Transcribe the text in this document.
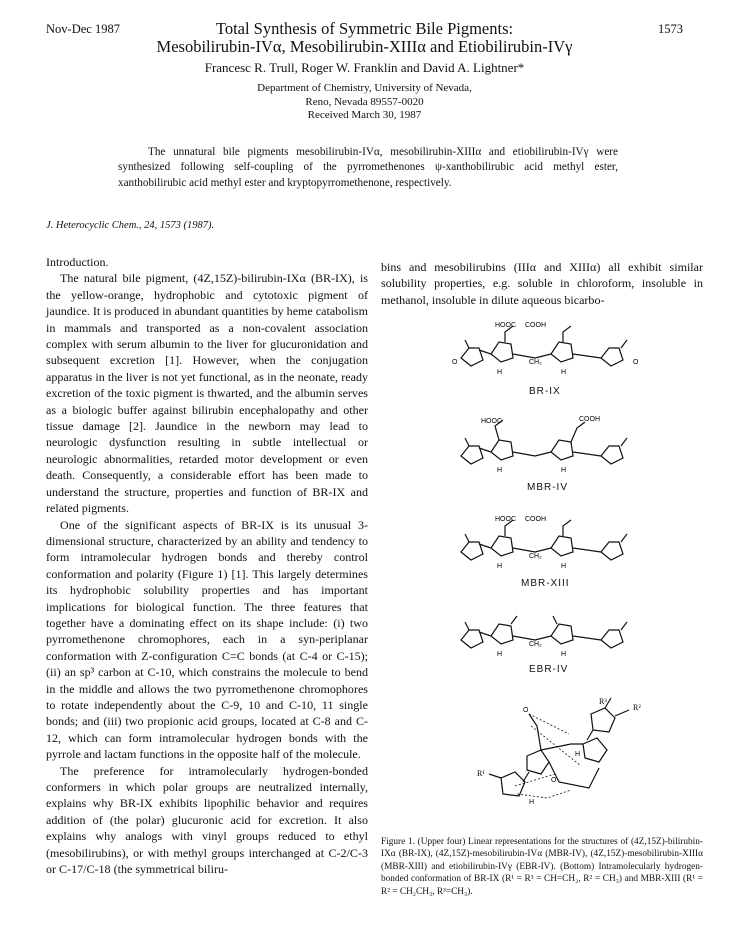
Nov-Dec 1987	1573
Total Synthesis of Symmetric Bile Pigments:
Mesobilirubin-IVα, Mesobilirubin-XIIIα and Etiobilirubin-IVγ
Francesc R. Trull, Roger W. Franklin and David A. Lightner*
Department of Chemistry, University of Nevada,
Reno, Nevada 89557-0020
Received March 30, 1987
The unnatural bile pigments mesobilirubin-IVα, mesobilirubin-XIIIα and etiobilirubin-IVγ were synthesized following self-coupling of the pyrromethenones ψ-xanthobilirubic acid methyl ester, xanthobilirubic acid methyl ester and kryptopyrromethenone, respectively.
J. Heterocyclic Chem., 24, 1573 (1987).

Introduction.

The natural bile pigment, (4Z,15Z)-bilirubin-IXα (BR-IX), is the yellow-orange, hydrophobic and cytotoxic pigment of jaundice. It is produced in abundant quantities by heme catabolism in mammals and transported as a non-covalent association complex with serum albumin to the liver for glucuronidation and subsequent excretion [1]. However, when the conjugation apparatus in the liver is not yet functional, as in the neonate, ready excretion of the toxic pigment is thwarted, and the albumin serves as a biologic buffer against bilirubin encephalopathy and other tissue damage [2]. Jaundice in the newborn may lead to neurologic dysfunction resulting in subtle intellectual or neurologic abnormalities, retarded motor development or even death. Consequently, a considerable effort has been made to understand the structure, properties and function of BR-IX and related pigments.

One of the significant aspects of BR-IX is its unusual 3-dimensional structure, characterized by an ability and tendency to form intramolecular hydrogen bonds and thereby control conformation and polarity (Figure 1) [1]. This largely determines its hydrophobic solubility properties and has important implications for biological function. The three features that together have a dominating effect on its shape include: (i) two pyrromethenone chromophores, each in a syn-periplanar conformation with Z-configuration C=C bonds (at C-4 or C-15); (ii) an sp³ carbon at C-10, which constrains the molecule to bend in the middle and allows the two pyrromethenone chromophores to rotate independently about the C-9, 10 and C-10, 11 single bonds; and (iii) two propionic acid groups, located at C-8 and C-12, which can form intramolecular hydrogen bonds with the pyrrole and lactam functions in the opposite half of the molecule.

The preference for intramolecularly hydrogen-bonded conformers in which polar groups are neutralized internally, explains why BR-IX exhibits lipophilic behavior and requires addition of (the polar) glucuronic acid for excretion. It also explains why analogs with vinyl groups reduced to ethyl (mesobilirubins), or with methyl groups interchanged at C-2/C-3 or C-17/C-18 (the symmetrical biliru-

bins and mesobilirubins (IIIα and XIIIα) all exhibit similar solubility properties, e.g. soluble in chloroform, insoluble in methanol, insoluble in dilute aqueous bicarbo-

HOOC COOH
CH₂
O	O
H	H
BR-IX
HOOC	COOH
H	H
MBR-IV
HOOC COOH
CH₂
H	H
MBR-XIII
CH₂
H	H
EBR-IV
R³
R²
R¹
O
O
H
H
Figure 1. (Upper four) Linear representations for the structures of (4Z,15Z)-bilirubin-IXα (BR-IX), (4Z,15Z)-mesobilirubin-IVα (MBR-IV), (4Z,15Z)-mesobilirubin-XIIIα (MBR-XIII) and etiobilirubin-IVγ (EBR-IV). (Bottom) Intramolecularly hydrogen-bonded conformation of BR-IX (R¹ = R³ = CH=CH₂, R² = CH₃) and MBR-XIII (R¹ = R² = CH₂CH₃, R³=CH₃).
